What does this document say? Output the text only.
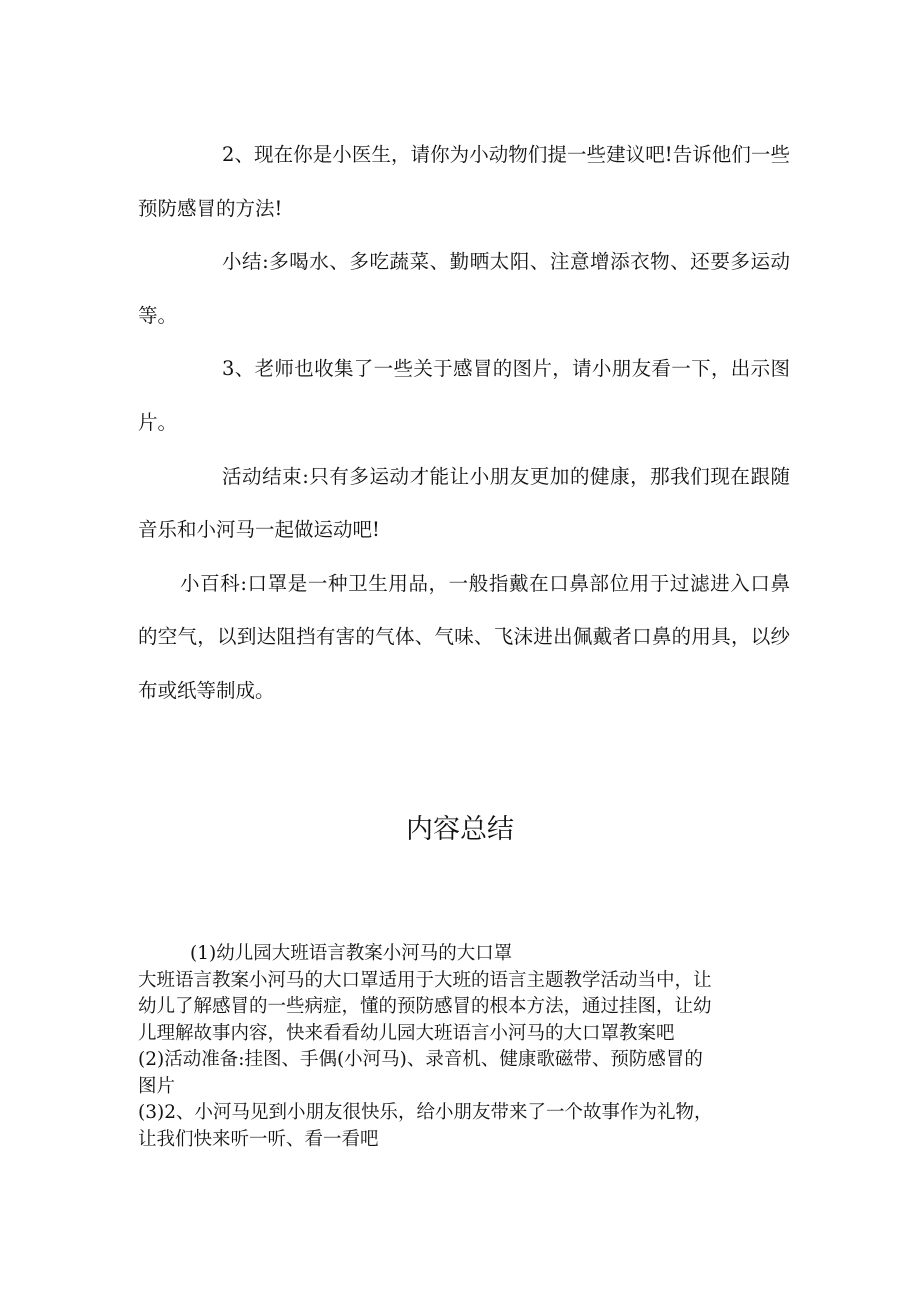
2、现在你是小医生，请你为小动物们提一些建议吧!告诉他们一些预防感冒的方法!

小结:多喝水、多吃蔬菜、勤晒太阳、注意增添衣物、还要多运动等。

3、老师也收集了一些关于感冒的图片，请小朋友看一下，出示图片。

活动结束:只有多运动才能让小朋友更加的健康，那我们现在跟随音乐和小河马一起做运动吧!

小百科:口罩是一种卫生用品，一般指戴在口鼻部位用于过滤进入口鼻的空气，以到达阻挡有害的气体、气味、飞沫进出佩戴者口鼻的用具，以纱布或纸等制成。

内容总结

(1)幼儿园大班语言教案小河马的大口罩

大班语言教案小河马的大口罩适用于大班的语言主题教学活动当中，让

幼儿了解感冒的一些病症，懂的预防感冒的根本方法，通过挂图，让幼

儿理解故事内容，快来看看幼儿园大班语言小河马的大口罩教案吧

(2)活动准备:挂图、手偶(小河马)、录音机、健康歌磁带、预防感冒的

图片

(3)2、小河马见到小朋友很快乐，给小朋友带来了一个故事作为礼物，

让我们快来听一听、看一看吧
